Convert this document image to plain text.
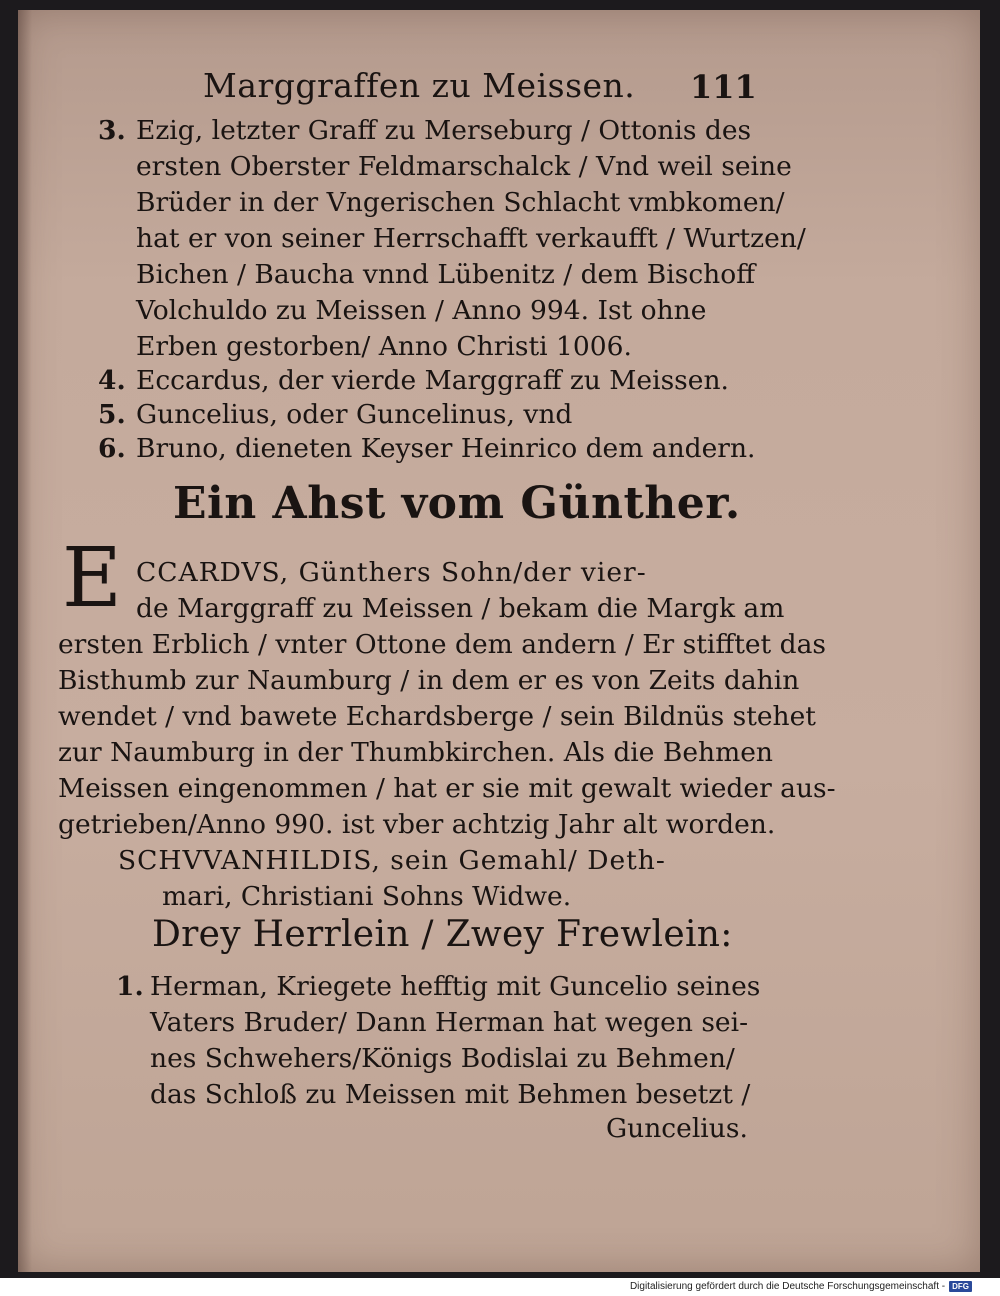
Marggraffen zu Meissen. 111
3. Ezig, letzter Graff zu Merseburg / Ottonis des
ersten Oberster Feldmarschalck / Vnd weil seine
Brüder in der Vngerischen Schlacht vmbkomen/
hat er von seiner Herrschafft verkaufft / Wurtzen/
Bichen / Baucha vnnd Lübenitz / dem Bischoff
Volchuldo zu Meissen / Anno 994. Ist ohne
Erben gestorben/ Anno Christi 1006.
4. Eccardus, der vierde Marggraff zu Meissen.
5. Guncelius, oder Guncelinus, vnd
6. Bruno, dieneten Keyser Heinrico dem andern.
Ein Ahst vom Günther.
E CCARDVS, Günthers Sohn/der vier-
de Marggraff zu Meissen / bekam die Margk am
ersten Erblich / vnter Ottone dem andern / Er stifftet das
Bisthumb zur Naumburg / in dem er es von Zeits dahin
wendet / vnd bawete Echardsberge / sein Bildnüs stehet
zur Naumburg in der Thumbkirchen. Als die Behmen
Meissen eingenommen / hat er sie mit gewalt wieder aus-
getrieben/Anno 990. ist vber achtzig Jahr alt worden.
SCHVVANHILDIS, sein Gemahl/ Deth-
mari, Christiani Sohns Widwe.
Drey Herrlein / Zwey Frewlein:
1. Herman, Kriegete hefftig mit Guncelio seines
Vaters Bruder/ Dann Herman hat wegen sei-
nes Schwehers/Königs Bodislai zu Behmen/
das Schloß zu Meissen mit Behmen besetzt /
Guncelius.
Digitalisierung gefördert durch die Deutsche Forschungsgemeinschaft - DFG
